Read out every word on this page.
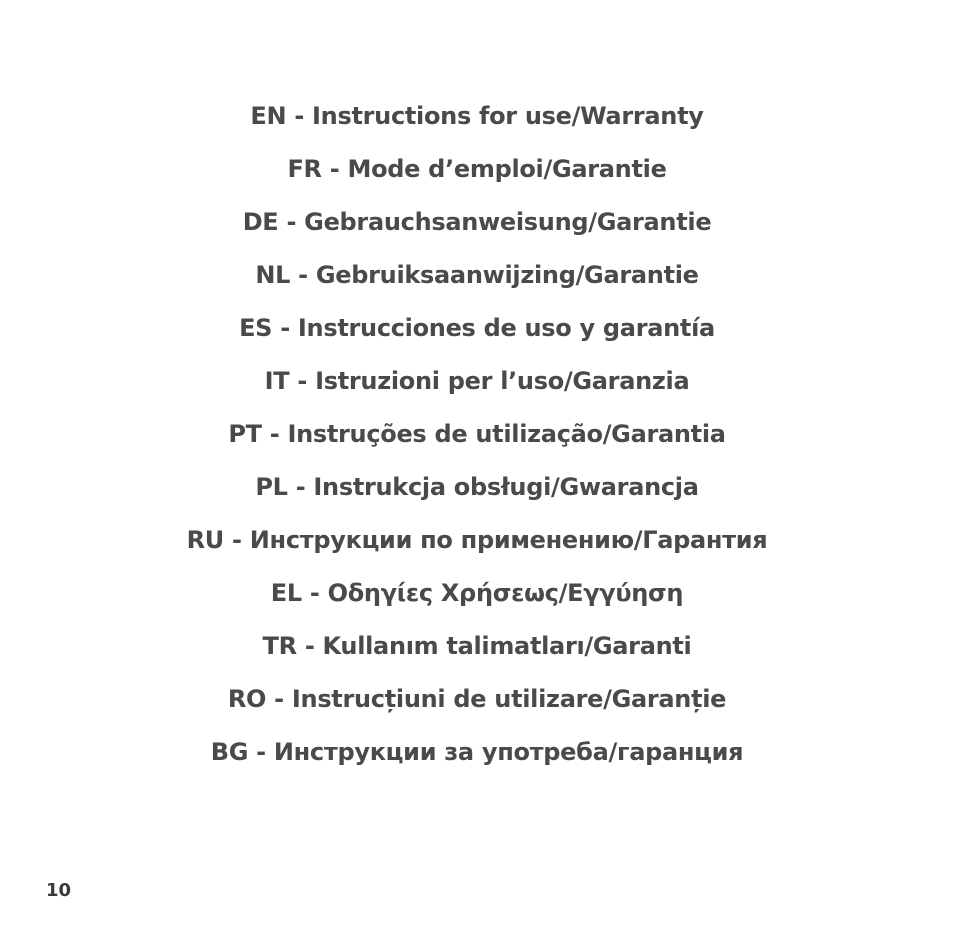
EN - Instructions for use/Warranty
FR - Mode d’emploi/Garantie
DE - Gebrauchsanweisung/Garantie
NL - Gebruiksaanwijzing/Garantie
ES - Instrucciones de uso y garantía
IT - Istruzioni per l’uso/Garanzia
PT - Instruções de utilização/Garantia
PL - Instrukcja obsługi/Gwarancja
RU - Инструкции по применению/Гарантия
EL - Οδηγίες Χρήσεως/Εγγύηση
TR - Kullanım talimatları/Garanti
RO - Instrucțiuni de utilizare/Garanție
BG - Инструкции за употреба/гаранция
10
